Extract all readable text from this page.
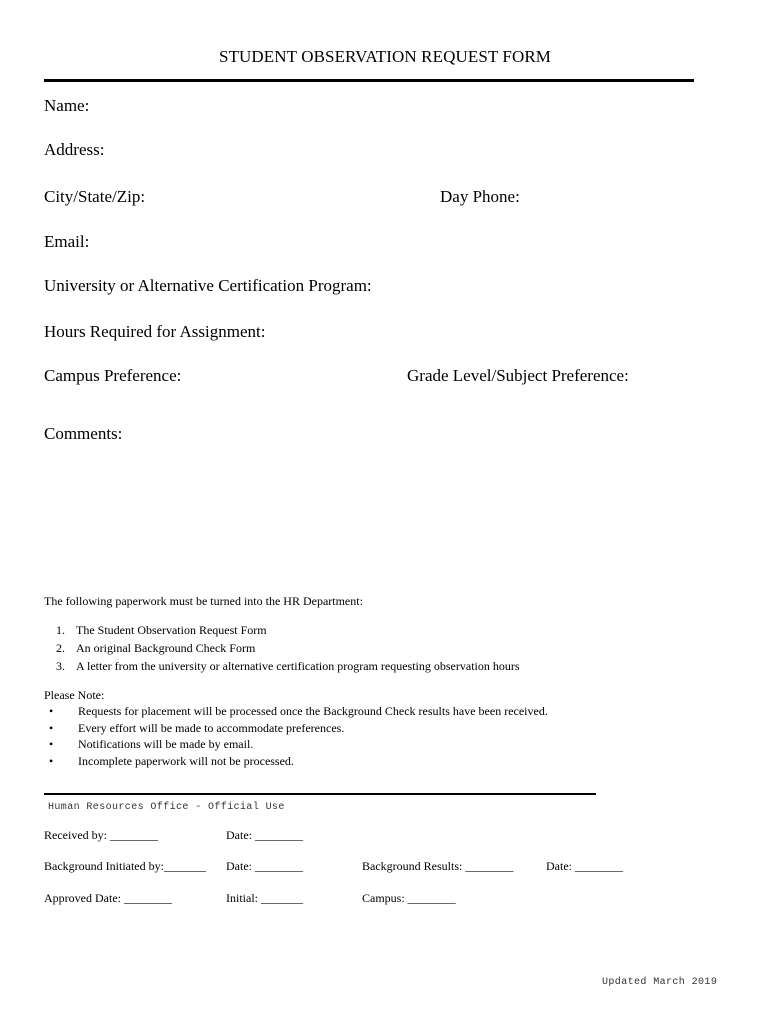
STUDENT OBSERVATION REQUEST FORM
Name:
Address:
City/State/Zip:	Day Phone:
Email:
University or Alternative Certification Program:
Hours Required for Assignment:
Campus Preference:	Grade Level/Subject Preference:
Comments:
The following paperwork must be turned into the HR Department:
1. The Student Observation Request Form
2. An original Background Check Form
3. A letter from the university or alternative certification program requesting observation hours
Please Note:
• Requests for placement will be processed once the Background Check results have been received.
• Every effort will be made to accommodate preferences.
• Notifications will be made by email.
• Incomplete paperwork will not be processed.
Human Resources Office - Official Use
Received by: ________	Date: ________
Background Initiated by:_______ Date: ________	Background Results: ________	Date: ________
Approved Date: ________	Initial: _______	Campus: ________
Updated March 2019
